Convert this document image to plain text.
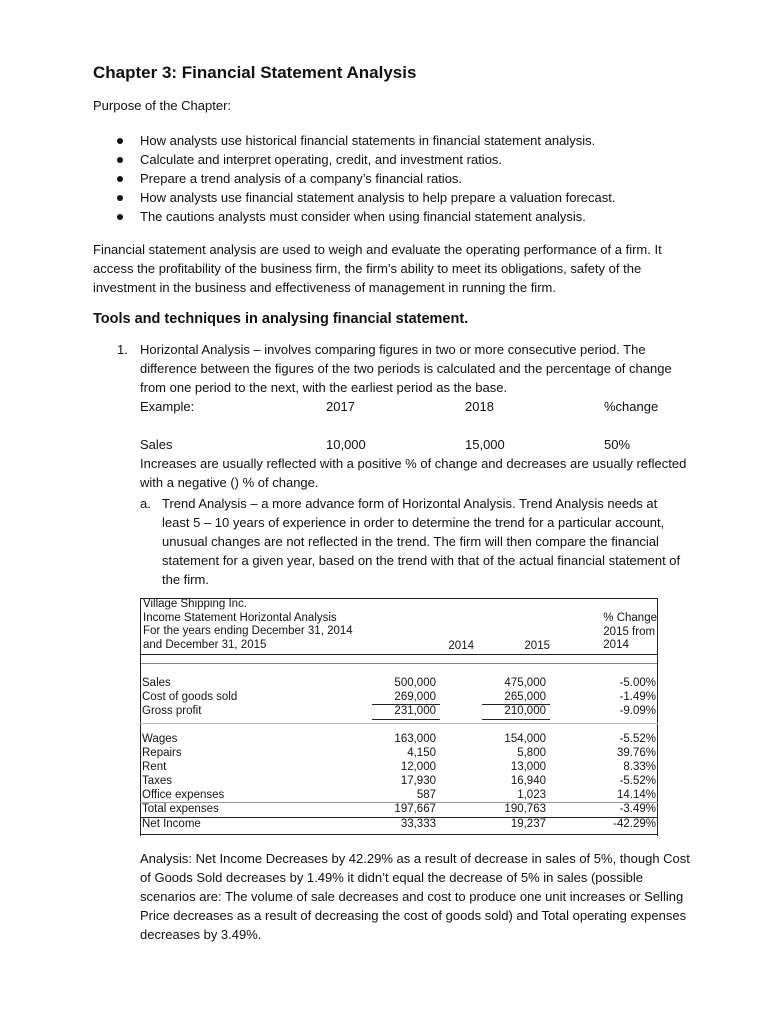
Chapter 3: Financial Statement Analysis

Purpose of the Chapter:

How analysts use historical financial statements in financial statement analysis.
Calculate and interpret operating, credit, and investment ratios.
Prepare a trend analysis of a company’s financial ratios.
How analysts use financial statement analysis to help prepare a valuation forecast.
The cautions analysts must consider when using financial statement analysis.

Financial statement analysis are used to weigh and evaluate the operating performance of a firm. It access the profitability of the business firm, the firm’s ability to meet its obligations, safety of the investment in the business and effectiveness of management in running the firm.

Tools and techniques in analysing financial statement.
1. Horizontal Analysis – involves comparing figures in two or more consecutive period. The difference between the figures of the two periods is calculated and the percentage of change from one period to the next, with the earliest period as the base.
Example:	2017	2018	%change
Sales	10,000	15,000	50%

Increases are usually reflected with a positive % of change and decreases are usually reflected with a negative () % of change.

a. Trend Analysis – a more advance form of Horizontal Analysis. Trend Analysis needs at least 5 – 10 years of experience in order to determine the trend for a particular account, unusual changes are not reflected in the trend. The firm will then compare the financial statement for a given year, based on the trend with that of the actual financial statement of the firm.
Village Shipping Inc.
Income Statement Horizontal Analysis
For the years ending December 31, 2014
and December 31, 2015	2014	2015
% Change
2015 from
2014
Sales	500,000	475,000	-5.00%
Cost of goods sold	269,000	265,000	-1.49%
Gross profit	231,000	210,000	-9.09%
Wages	163,000	154,000	-5.52%
Repairs	4,150	5,800	39.76%
Rent	12,000	13,000	8.33%
Taxes	17,930	16,940	-5.52%
Office expenses	587	1,023	14.14%
Total expenses	197,667	190,763	-3.49%
Net Income	33,333	19,237	-42.29%

Analysis: Net Income Decreases by 42.29% as a result of decrease in sales of 5%, though Cost of Goods Sold decreases by 1.49% it didn’t equal the decrease of 5% in sales (possible scenarios are: The volume of sale decreases and cost to produce one unit increases or Selling Price decreases as a result of decreasing the cost of goods sold) and Total operating expenses decreases by 3.49%.
